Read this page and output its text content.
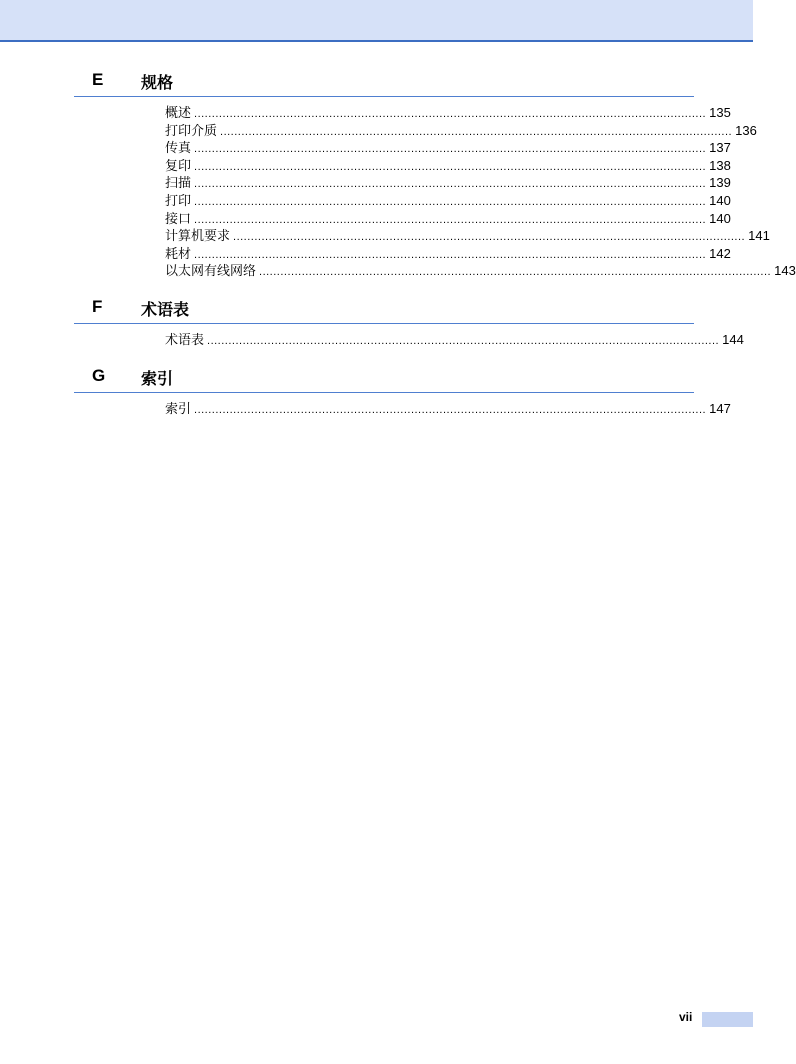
E 规格
概述 ................................................................................................................................................ 135
打印介质 ................................................................................................................................................ 136
传真 ................................................................................................................................................ 137
复印 ................................................................................................................................................ 138
扫描 ................................................................................................................................................ 139
打印 ................................................................................................................................................ 140
接口 ................................................................................................................................................ 140
计算机要求 ................................................................................................................................................ 141
耗材 ................................................................................................................................................ 142
以太网有线网络 ................................................................................................................................................ 143
F 术语表
术语表 ................................................................................................................................................ 144
G 索引
索引 ................................................................................................................................................ 147
vii
